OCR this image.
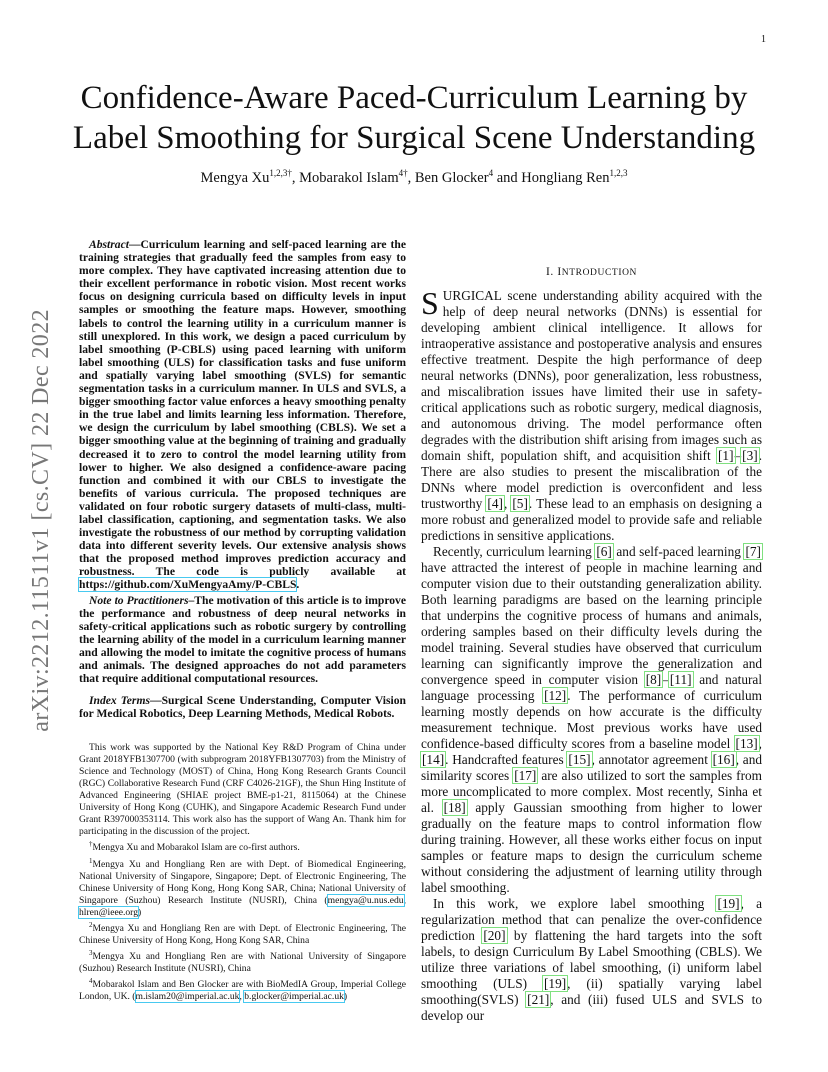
1
arXiv:2212.11511v1 [cs.CV] 22 Dec 2022
Confidence-Aware Paced-Curriculum Learning by
Label Smoothing for Surgical Scene Understanding
Mengya $Xu^{1,2,3\dagger}$, Mobarakol Islam$^{4\dagger}$, Ben Glocker$^4$ and Hongliang Ren$^{1,2,3}$

Abstract—Curriculum learning and self-paced learning are the training strategies that gradually feed the samples from easy to more complex. They have captivated increasing attention due to their excellent performance in robotic vision. Most recent works focus on designing curricula based on difficulty levels in input samples or smoothing the feature maps. However, smoothing labels to control the learning utility in a curriculum manner is still unexplored. In this work, we design a paced curriculum by label smoothing (P-CBLS) using paced learning with uniform label smoothing (ULS) for classification tasks and fuse uniform and spatially varying label smoothing (SVLS) for semantic segmentation tasks in a curriculum manner. In ULS and SVLS, a bigger smoothing factor value enforces a heavy smoothing penalty in the true label and limits learning less information. Therefore, we design the curriculum by label smoothing (CBLS). We set a bigger smoothing value at the beginning of training and gradually decreased it to zero to control the model learning utility from lower to higher. We also designed a confidence-aware pacing function and combined it with our CBLS to investigate the benefits of various curricula. The proposed techniques are validated on four robotic surgery datasets of multi-class, multi-label classification, captioning, and segmentation tasks. We also investigate the robustness of our method by corrupting validation data into different severity levels. Our extensive analysis shows that the proposed method improves prediction accuracy and robustness. The code is publicly available at https://github.com/XuMengyaAmy/P-CBLS.

Note to Practitioners–The motivation of this article is to improve the performance and robustness of deep neural networks in safety-critical applications such as robotic surgery by controlling the learning ability of the model in a curriculum learning manner and allowing the model to imitate the cognitive process of humans and animals. The designed approaches do not add parameters that require additional computational resources.

Index Terms—Surgical Scene Understanding, Computer Vision for Medical Robotics, Deep Learning Methods, Medical Robots.

This work was supported by the National Key R&D Program of China under Grant 2018YFB1307700 (with subprogram 2018YFB1307703) from the Ministry of Science and Technology (MOST) of China, Hong Kong Research Grants Council (RGC) Collaborative Research Fund (CRF C4026-21GF), the Shun Hing Institute of Advanced Engineering (SHIAE project BME-p1-21, 8115064) at the Chinese University of Hong Kong (CUHK), and Singapore Academic Research Fund under Grant R397000353114. This work also has the support of Wang An. Thank him for participating in the discussion of the project.

†Mengya Xu and Mobarakol Islam are co-first authors.

$^1$Mengya Xu and Hongliang Ren are with Dept. of Biomedical Engineering, National University of Singapore, Singapore; Dept. of Electronic Engineering, The Chinese University of Hong Kong, Hong Kong SAR, China; National University of Singapore (Suzhou) Research Institute (NUSRI), China (mengya@u.nus.edu, hlren@ieee.org)

$^2$Mengya Xu and Hongliang Ren are with Dept. of Electronic Engineering, The Chinese University of Hong Kong, Hong Kong SAR, China

$^3$Mengya Xu and Hongliang Ren are with National University of Singapore (Suzhou) Research Institute (NUSRI), China

$^4$Mobarakol Islam and Ben Glocker are with BioMedIA Group, Imperial College London, UK. (m.islam20@imperial.ac.uk, b.glocker@imperial.ac.uk)

I. INTRODUCTION

SURGICAL scene understanding ability acquired with the help of deep neural networks (DNNs) is essential for developing ambient clinical intelligence. It allows for intraoperative assistance and postoperative analysis and ensures effective treatment. Despite the high performance of deep neural networks (DNNs), poor generalization, less robustness, and miscalibration issues have limited their use in safety-critical applications such as robotic surgery, medical diagnosis, and autonomous driving. The model performance often degrades with the distribution shift arising from images such as domain shift, population shift, and acquisition shift [1]–[3]. There are also studies to present the miscalibration of the DNNs where model prediction is overconfident and less trustworthy [4], [5]. These lead to an emphasis on designing a more robust and generalized model to provide safe and reliable predictions in sensitive applications.

Recently, curriculum learning [6] and self-paced learning [7] have attracted the interest of people in machine learning and computer vision due to their outstanding generalization ability. Both learning paradigms are based on the learning principle that underpins the cognitive process of humans and animals, ordering samples based on their difficulty levels during the model training. Several studies have observed that curriculum learning can significantly improve the generalization and convergence speed in computer vision [8]–[11] and natural language processing [12]. The performance of curriculum learning mostly depends on how accurate is the difficulty measurement technique. Most previous works have used confidence-based difficulty scores from a baseline model [13], [14]. Handcrafted features [15], annotator agreement [16], and similarity scores [17] are also utilized to sort the samples from more uncomplicated to more complex. Most recently, Sinha et al. [18] apply Gaussian smoothing from higher to lower gradually on the feature maps to control information flow during training. However, all these works either focus on input samples or feature maps to design the curriculum scheme without considering the adjustment of learning utility through label smoothing.

In this work, we explore label smoothing [19], a regularization method that can penalize the over-confidence prediction [20] by flattening the hard targets into the soft labels, to design Curriculum By Label Smoothing (CBLS). We utilize three variations of label smoothing, (i) uniform label smoothing (ULS) [19], (ii) spatially varying label smoothing(SVLS) [21], and (iii) fused ULS and SVLS to develop our
